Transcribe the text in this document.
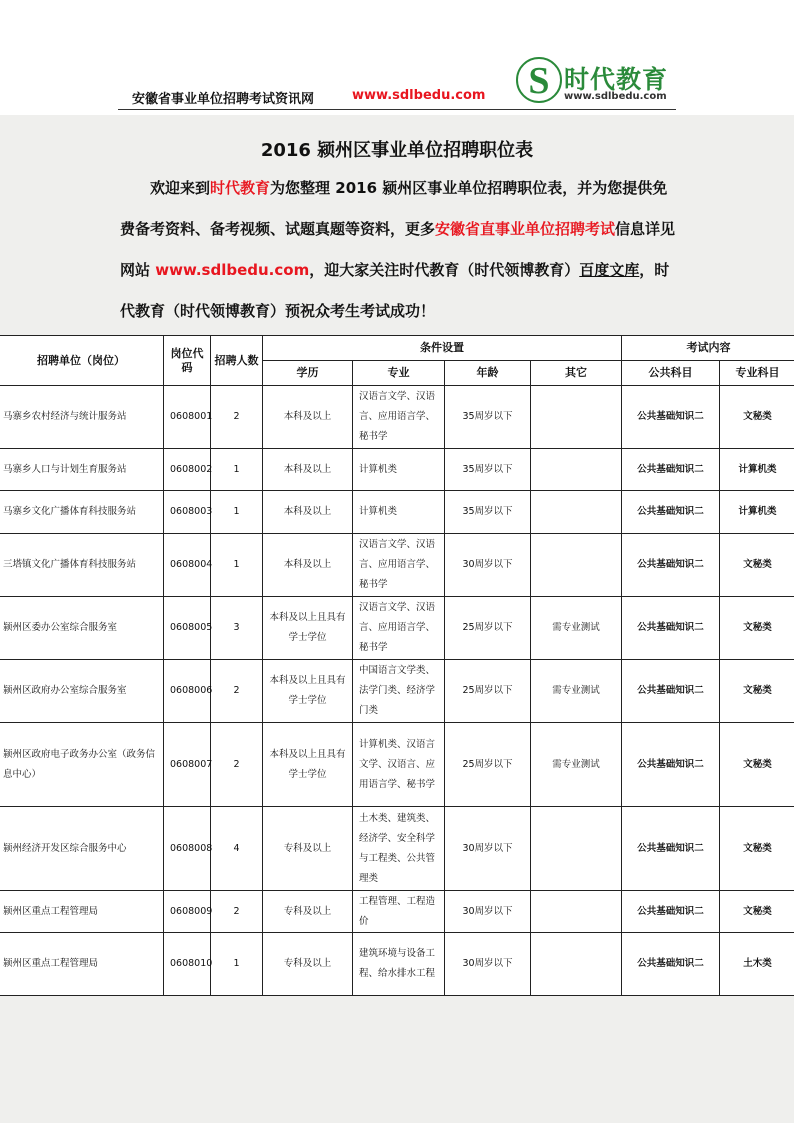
安徽省事业单位招聘考试资讯网	www.sdlbedu.com S 时代教育
www.sdlbedu.com
2016 颍州区事业单位招聘职位表
欢迎来到时代教育为您整理 2016 颍州区事业单位招聘职位表，并为您提供免费备考资料、备考视频、试题真题等资料，更多安徽省直事业单位招聘考试信息详见网站 www.sdlbedu.com，迎大家关注时代教育（时代领博教育）百度文库，时代教育（时代领博教育）预祝众考生考试成功！
招聘单位（岗位）	岗位代码	招聘人数	条件设置				考试内容	
			学历	专业	年龄	其它	公共科目	专业科目
马寨乡农村经济与统计服务站	0608001	2	本科及以上	汉语言文学、汉语言、应用语言学、秘书学	35周岁以下		公共基础知识二	文秘类
马寨乡人口与计划生育服务站	0608002	1	本科及以上	计算机类	35周岁以下		公共基础知识二	计算机类
马寨乡文化广播体育科技服务站	0608003	1	本科及以上	计算机类	35周岁以下		公共基础知识二	计算机类
三塔镇文化广播体育科技服务站	0608004	1	本科及以上	汉语言文学、汉语言、应用语言学、秘书学	30周岁以下		公共基础知识二	文秘类
颍州区委办公室综合服务室	0608005	3	本科及以上且具有学士学位	汉语言文学、汉语言、应用语言学、秘书学	25周岁以下	需专业测试	公共基础知识二	文秘类
颍州区政府办公室综合服务室	0608006	2	本科及以上且具有学士学位	中国语言文学类、法学门类、经济学门类	25周岁以下	需专业测试	公共基础知识二	文秘类
颍州区政府电子政务办公室（政务信息中心）	0608007	2	本科及以上且具有学士学位	计算机类、汉语言文学、汉语言、应用语言学、秘书学	25周岁以下	需专业测试	公共基础知识二	文秘类
颍州经济开发区综合服务中心	0608008	4	专科及以上	土木类、建筑类、经济学、安全科学与工程类、公共管理类	30周岁以下		公共基础知识二	文秘类
颍州区重点工程管理局	0608009	2	专科及以上	工程管理、工程造价	30周岁以下		公共基础知识二	文秘类
颍州区重点工程管理局	0608010	1	专科及以上	建筑环境与设备工程、给水排水工程	30周岁以下		公共基础知识二	土木类
